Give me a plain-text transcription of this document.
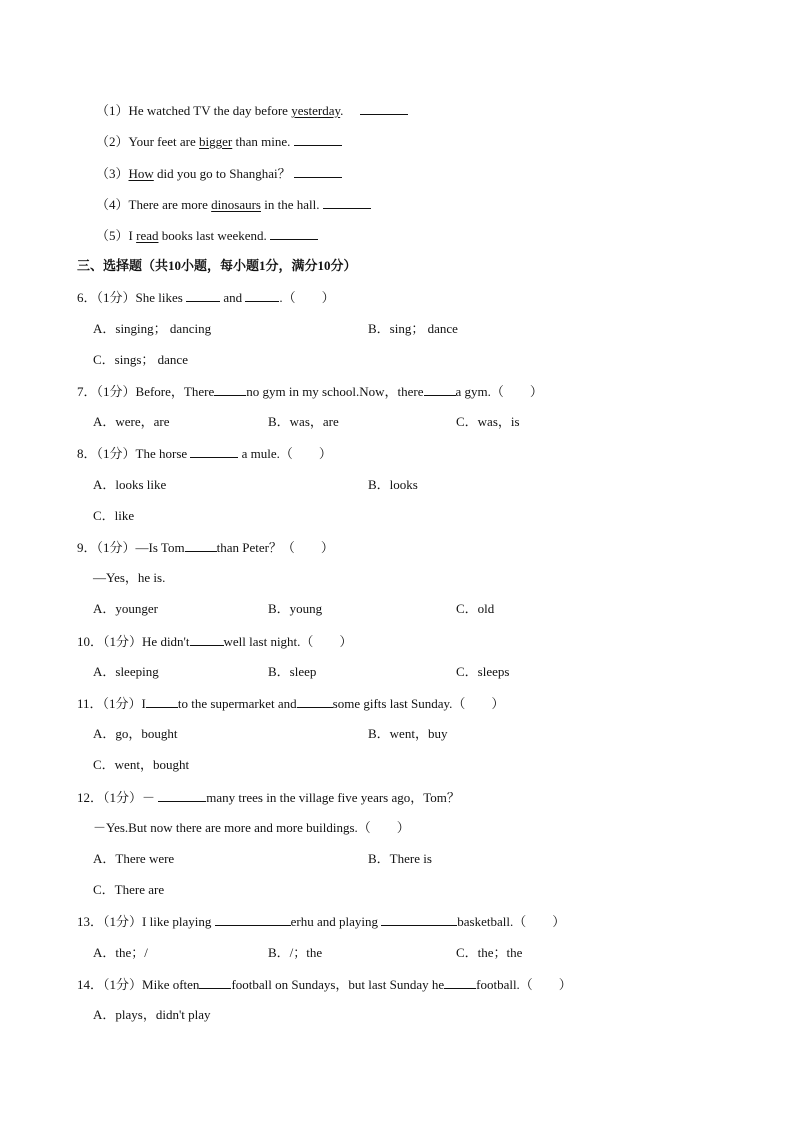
（1）He watched TV the day before yesterday.
（2）Your feet are bigger than mine.
（3）How did you go to Shanghai？
（4）There are more dinosaurs in the hall.
（5）I read books last weekend.
三、选择题（共10小题，每小题1分，满分10分）
6．（1分）She likes	and	.（　　）
A．singing； dancing	B．sing； dance
C．sings； dance
7．（1分）Before，There no gym in my school.Now，there a gym.（　　）
A．were，are	B．was，are	C．was，is
8．（1分）The horse	a mule.（　　）
A．looks like	B．looks
C．like
9．（1分）—Is Tom than Peter？（　　）
—Yes，he is.
A．younger	B．young	C．old
10．（1分）He didn't	well last night.（　　）
A．sleeping	B．sleep	C．sleeps
11．（1分）I to the supermarket and	some gifts last Sunday.（　　）
A．go，bought	B．went，buy
C．went，bought
12．（1分）－	many trees in the village five years ago，Tom？
－Yes.But now there are more and more buildings.（　　）
A．There were	B．There is
C．There are
13．（1分）I like playing	erhu and playing	basketball.（　　）
A．the；/	B．/；the	C．the；the
14．（1分）Mike often football on Sundays，but last Sunday he football.（　　）
A．plays，didn't play
